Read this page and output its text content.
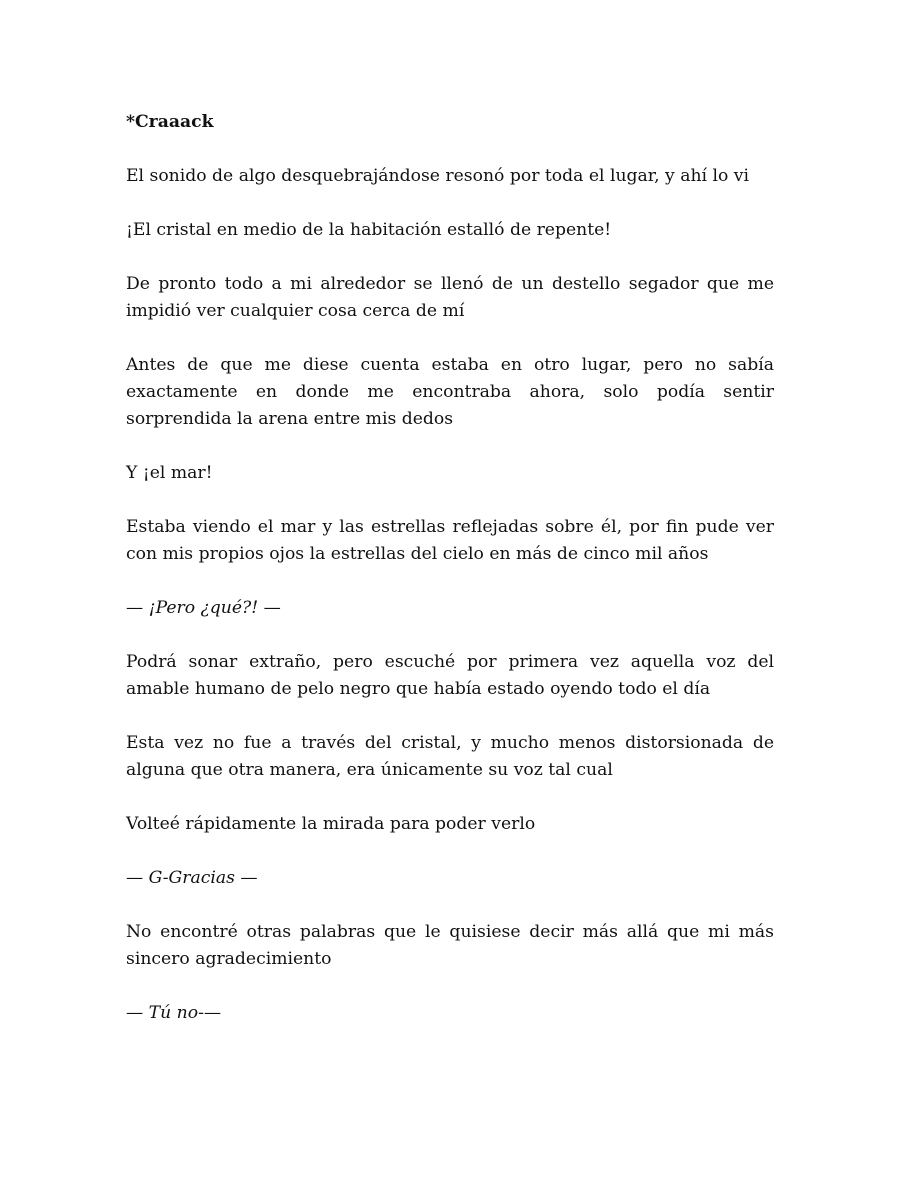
*Craaack

El sonido de algo desquebrajándose resonó por toda el lugar, y ahí lo vi

¡El cristal en medio de la habitación estalló de repente!

De pronto todo a mi alrededor se llenó de un destello segador que me impidió ver cualquier cosa cerca de mí

Antes de que me diese cuenta estaba en otro lugar, pero no sabía exactamente en donde me encontraba ahora, solo podía sentir sorprendida la arena entre mis dedos

Y ¡el mar!

Estaba viendo el mar y las estrellas reflejadas sobre él, por fin pude ver con mis propios ojos la estrellas del cielo en más de cinco mil años

— ¡Pero ¿qué?! —

Podrá sonar extraño, pero escuché por primera vez aquella voz del amable humano de pelo negro que había estado oyendo todo el día

Esta vez no fue a través del cristal, y mucho menos distorsionada de alguna que otra manera, era únicamente su voz tal cual

Volteé rápidamente la mirada para poder verlo

— G-Gracias —

No encontré otras palabras que le quisiese decir más allá que mi más sincero agradecimiento

— Tú no-—
